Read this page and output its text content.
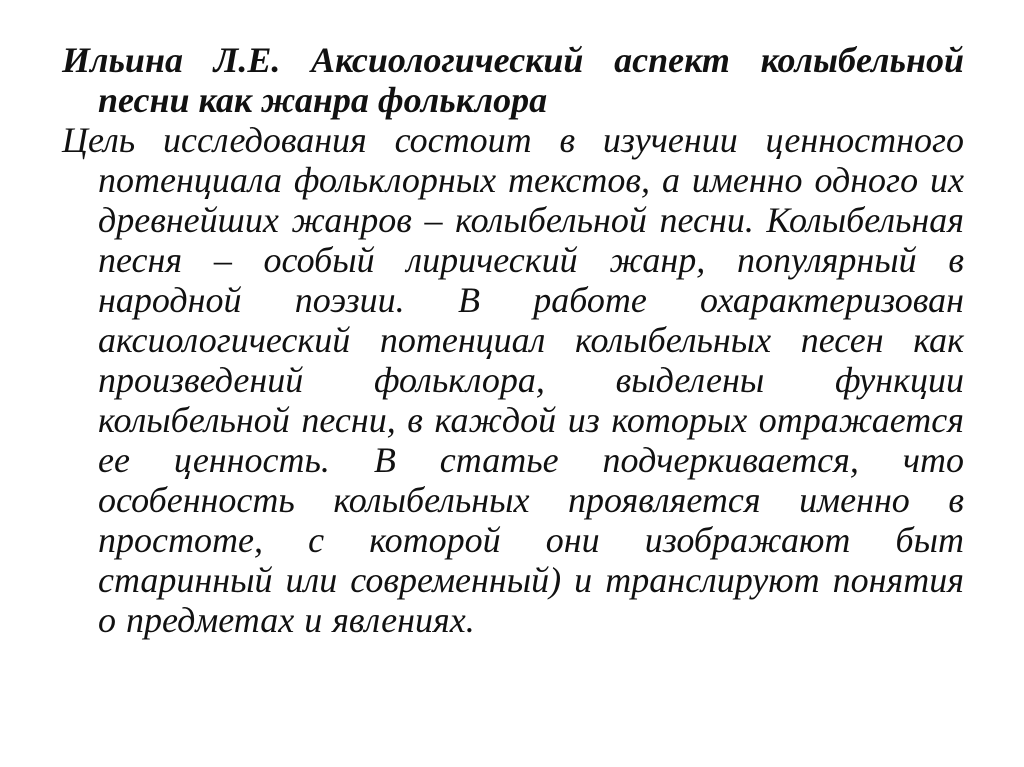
Ильина Л.Е. Аксиологический аспект колыбельной песни как жанра фольклора

Цель исследования состоит в изучении ценностного потенциала фольклорных текстов, а именно одного их древнейших жанров – колыбельной песни. Колыбельная песня – особый лирический жанр, популярный в народной поэзии. В работе охарактеризован аксиологический потенциал колыбельных песен как произведений фольклора, выделены функции колыбельной песни, в каждой из которых отражается ее ценность. В статье подчеркивается, что особенность колыбельных проявляется именно в простоте, с которой они изображают быт старинный или современный) и транслируют понятия о предметах и явлениях.
